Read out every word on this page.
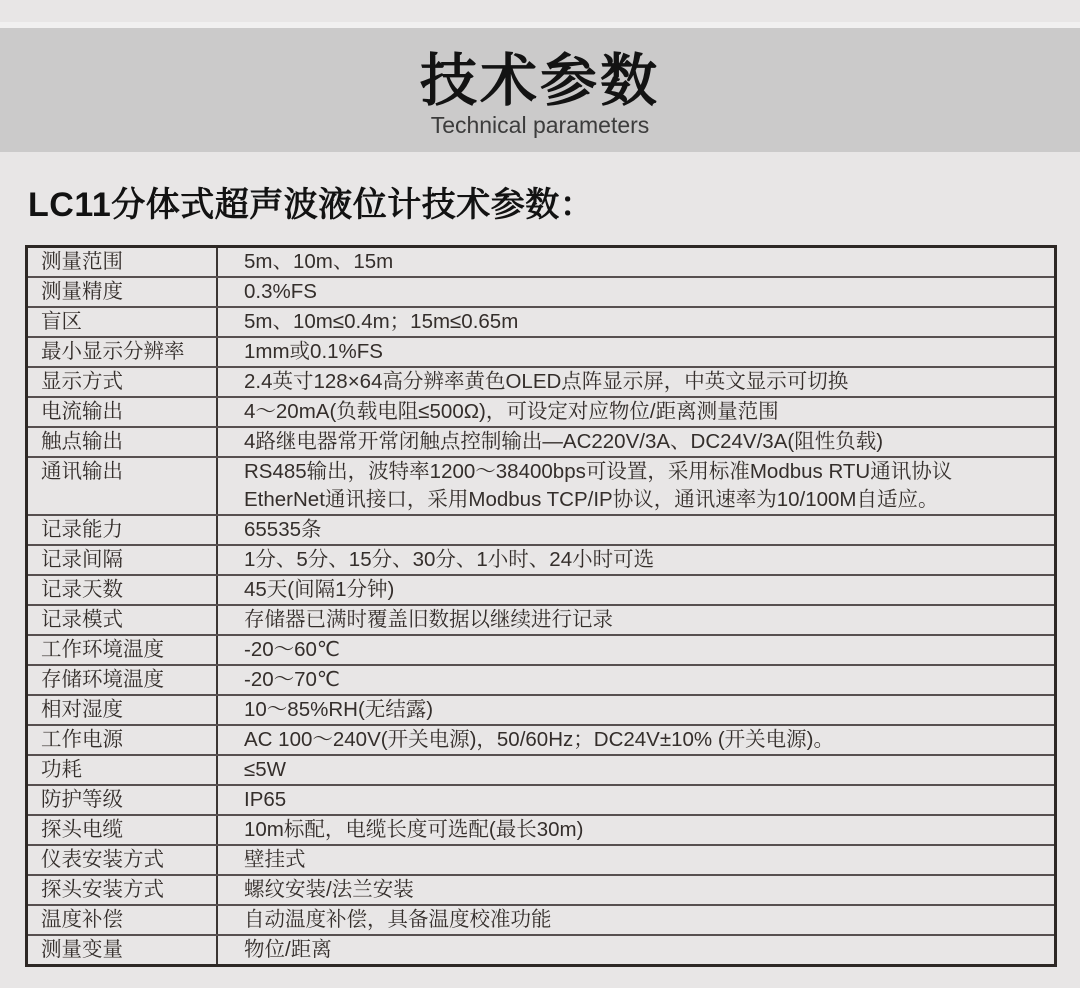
技术参数
Technical parameters
LC11分体式超声波液位计技术参数：
测量范围	5m、10m、15m
测量精度	0.3%FS
盲区	5m、10m≤0.4m；15m≤0.65m
最小显示分辨率	1mm或0.1%FS
显示方式	2.4英寸128×64高分辨率黄色OLED点阵显示屏，中英文显示可切换
电流输出	4～20mA(负载电阻≤500Ω)，可设定对应物位/距离测量范围
触点输出	4路继电器常开常闭触点控制输出—AC220V/3A、DC24V/3A(阻性负载)
通讯输出	RS485输出，波特率1200～38400bps可设置，采用标准Modbus RTU通讯协议
EtherNet通讯接口，采用Modbus TCP/IP协议，通讯速率为10/100M自适应。
记录能力	65535条
记录间隔	1分、5分、15分、30分、1小时、24小时可选
记录天数	45天(间隔1分钟)
记录模式	存储器已满时覆盖旧数据以继续进行记录
工作环境温度	-20～60℃
存储环境温度	-20～70℃
相对湿度	10～85%RH(无结露)
工作电源	AC 100～240V(开关电源)，50/60Hz；DC24V±10% (开关电源)。
功耗	≤5W
防护等级	IP65
探头电缆	10m标配，电缆长度可选配(最长30m)
仪表安装方式	壁挂式
探头安装方式	螺纹安装/法兰安装
温度补偿	自动温度补偿，具备温度校准功能
测量变量	物位/距离
